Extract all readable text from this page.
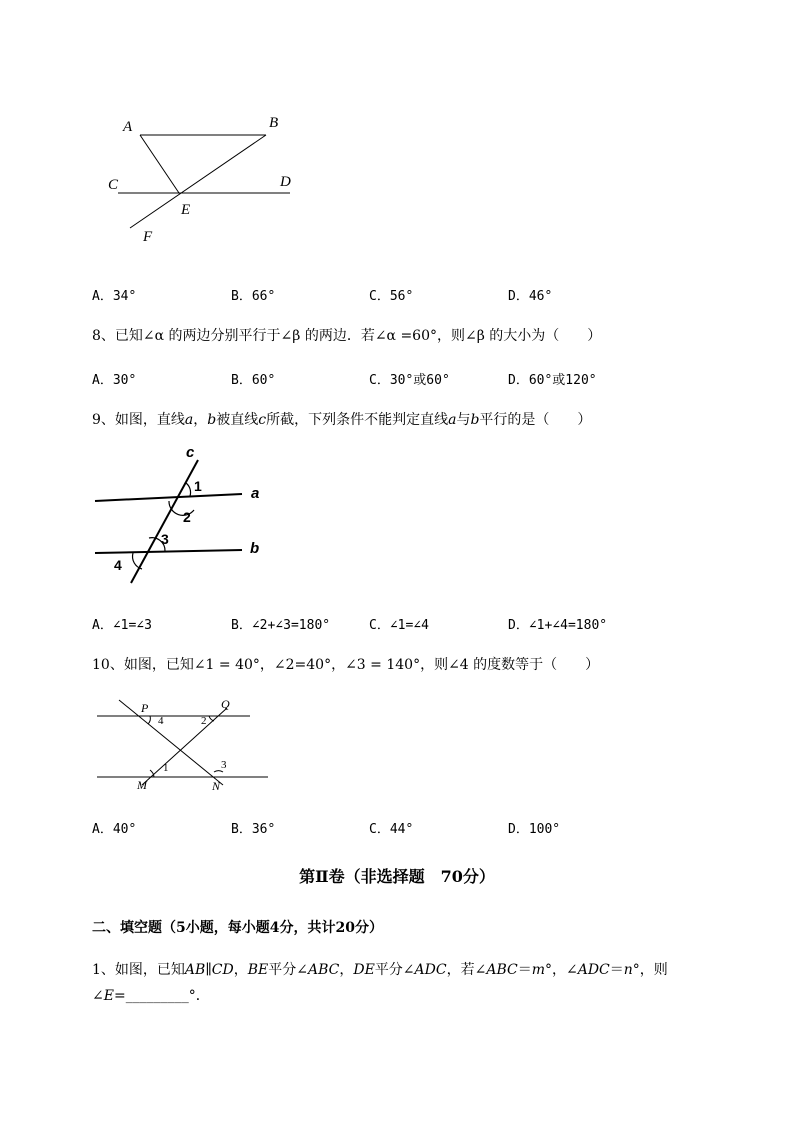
A	B
C	D
E
F
A．34°	B．66°	C．56°	D．46°
8、已知∠α 的两边分别平行于∠β 的两边．若∠α =60°，则∠β 的大小为（　　）
A．30°	B．60°	C．30°或60°	D．60°或120°
9、如图，直线a，b被直线c所截，下列条件不能判定直线a与b平行的是（　　）
c
a
b
1
2
3
4
A．∠1=∠3	B．∠2+∠3=180°	C．∠1=∠4	D．∠1+∠4=180°
10、如图，已知∠1 = 40°，∠2=40°，∠3 = 140°，则∠4 的度数等于（　　）
P	Q
M	N
4	2
1	3
A．40°	B．36°	C．44°	D．100°
第Ⅱ卷（非选择题　70分）
二、填空题（5小题，每小题4分，共计20分）
1、如图，已知AB∥CD，BE平分∠ABC，DE平分∠ADC，若∠ABC＝m°，∠ADC＝n°，则
∠E=_________°．
